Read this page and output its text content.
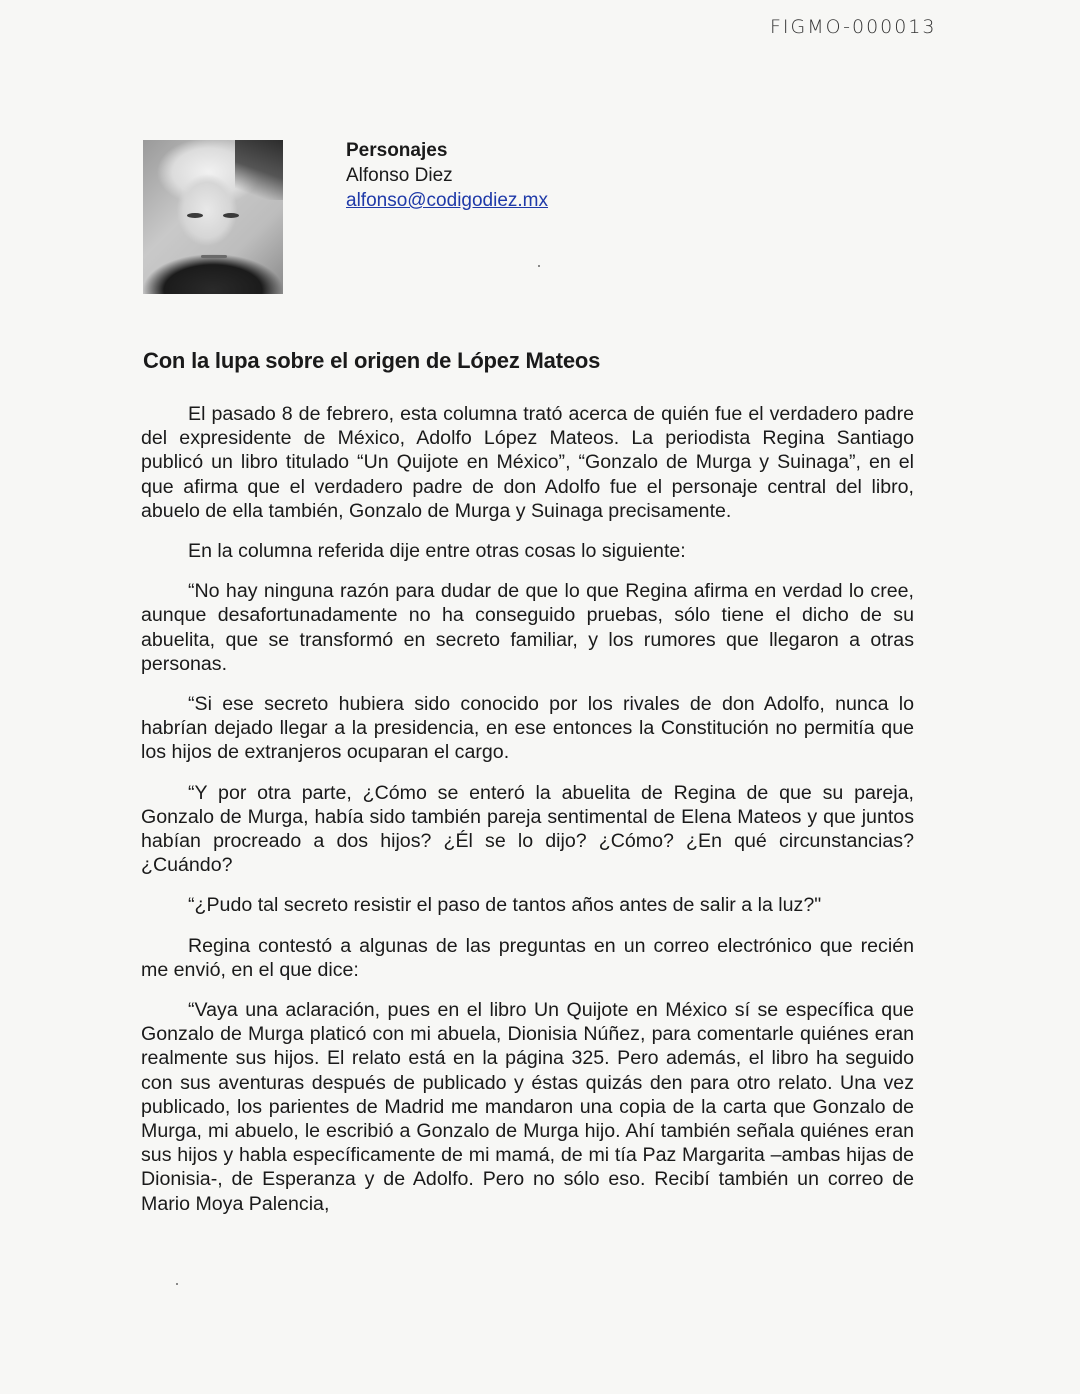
FIGMO-000013
Personajes
Alfonso Diez
alfonso@codigodiez.mx
Con la lupa sobre el origen de López Mateos

El pasado 8 de febrero, esta columna trató acerca de quién fue el verdadero padre del expresidente de México, Adolfo López Mateos. La periodista Regina Santiago publicó un libro titulado “Un Quijote en México”, “Gonzalo de Murga y Suinaga”, en el que afirma que el verdadero padre de don Adolfo fue el personaje central del libro, abuelo de ella también, Gonzalo de Murga y Suinaga precisamente.

En la columna referida dije entre otras cosas lo siguiente:

“No hay ninguna razón para dudar de que lo que Regina afirma en verdad lo cree, aunque desafortunadamente no ha conseguido pruebas, sólo tiene el dicho de su abuelita, que se transformó en secreto familiar, y los rumores que llegaron a otras personas.

“Si ese secreto hubiera sido conocido por los rivales de don Adolfo, nunca lo habrían dejado llegar a la presidencia, en ese entonces la Constitución no permitía que los hijos de extranjeros ocuparan el cargo.

“Y por otra parte, ¿Cómo se enteró la abuelita de Regina de que su pareja, Gonzalo de Murga, había sido también pareja sentimental de Elena Mateos y que juntos habían procreado a dos hijos? ¿Él se lo dijo? ¿Cómo? ¿En qué circunstancias? ¿Cuándo?

“¿Pudo tal secreto resistir el paso de tantos años antes de salir a la luz?"

Regina contestó a algunas de las preguntas en un correo electrónico que recién me envió, en el que dice:

“Vaya una aclaración, pues en el libro Un Quijote en México sí se específica que Gonzalo de Murga platicó con mi abuela, Dionisia Núñez, para comentarle quiénes eran realmente sus hijos. El relato está en la página 325. Pero además, el libro ha seguido con sus aventuras después de publicado y éstas quizás den para otro relato. Una vez publicado, los parientes de Madrid me mandaron una copia de la carta que Gonzalo de Murga, mi abuelo, le escribió a Gonzalo de Murga hijo. Ahí también señala quiénes eran sus hijos y habla específicamente de mi mamá, de mi tía Paz Margarita –ambas hijas de Dionisia-, de Esperanza y de Adolfo. Pero no sólo eso. Recibí también un correo de Mario Moya Palencia,
